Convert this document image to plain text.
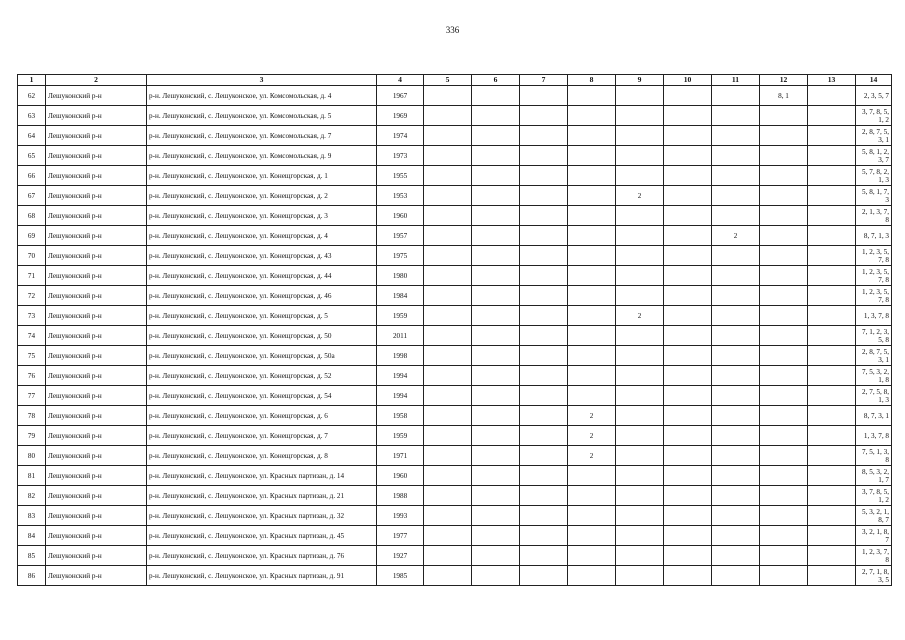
336
1	2	3	4	5	6	7	8	9	10	11	12	13	14
62	Лешуконский р-н	р-н. Лешуконский, с. Лешуконское, ул. Комсомольская, д. 4	1967								8, 1		2, 3, 5, 7
63	Лешуконский р-н	р-н. Лешуконский, с. Лешуконское, ул. Комсомольская, д. 5	1969										3, 7, 8, 5, 1, 2
64	Лешуконский р-н	р-н. Лешуконский, с. Лешуконское, ул. Комсомольская, д. 7	1974										2, 8, 7, 5, 3, 1
65	Лешуконский р-н	р-н. Лешуконский, с. Лешуконское, ул. Комсомольская, д. 9	1973										5, 8, 1, 2, 3, 7
66	Лешуконский р-н	р-н. Лешуконский, с. Лешуконское, ул. Конещгорская, д. 1	1955										5, 7, 8, 2, 1, 3
67	Лешуконский р-н	р-н. Лешуконский, с. Лешуконское, ул. Конещгорская, д. 2	1953					2					5, 8, 1, 7, 3
68	Лешуконский р-н	р-н. Лешуконский, с. Лешуконское, ул. Конещгорская, д. 3	1960										2, 1, 3, 7, 8
69	Лешуконский р-н	р-н. Лешуконский, с. Лешуконское, ул. Конещгорская, д. 4	1957							2			8, 7, 1, 3
70	Лешуконский р-н	р-н. Лешуконский, с. Лешуконское, ул. Конещгорская, д. 43	1975										1, 2, 3, 5, 7, 8
71	Лешуконский р-н	р-н. Лешуконский, с. Лешуконское, ул. Конещгорская, д. 44	1980										1, 2, 3, 5, 7, 8
72	Лешуконский р-н	р-н. Лешуконский, с. Лешуконское, ул. Конещгорская, д. 46	1984										1, 2, 3, 5, 7, 8
73	Лешуконский р-н	р-н. Лешуконский, с. Лешуконское, ул. Конещгорская, д. 5	1959					2					1, 3, 7, 8
74	Лешуконский р-н	р-н. Лешуконский, с. Лешуконское, ул. Конещгорская, д. 50	2011										7, 1, 2, 3, 5, 8
75	Лешуконский р-н	р-н. Лешуконский, с. Лешуконское, ул. Конещгорская, д. 50а	1998										2, 8, 7, 5, 3, 1
76	Лешуконский р-н	р-н. Лешуконский, с. Лешуконское, ул. Конещгорская, д. 52	1994										7, 5, 3, 2, 1, 8
77	Лешуконский р-н	р-н. Лешуконский, с. Лешуконское, ул. Конещгорская, д. 54	1994										2, 7, 5, 8, 1, 3
78	Лешуконский р-н	р-н. Лешуконский, с. Лешуконское, ул. Конещгорская, д. 6	1958				2						8, 7, 3, 1
79	Лешуконский р-н	р-н. Лешуконский, с. Лешуконское, ул. Конещгорская, д. 7	1959				2						1, 3, 7, 8
80	Лешуконский р-н	р-н. Лешуконский, с. Лешуконское, ул. Конещгорская, д. 8	1971				2						7, 5, 1, 3, 8
81	Лешуконский р-н	р-н. Лешуконский, с. Лешуконское, ул. Красных партизан, д. 14	1960										8, 5, 3, 2, 1, 7
82	Лешуконский р-н	р-н. Лешуконский, с. Лешуконское, ул. Красных партизан, д. 21	1988										3, 7, 8, 5, 1, 2
83	Лешуконский р-н	р-н. Лешуконский, с. Лешуконское, ул. Красных партизан, д. 32	1993										5, 3, 2, 1, 8, 7
84	Лешуконский р-н	р-н. Лешуконский, с. Лешуконское, ул. Красных партизан, д. 45	1977										3, 2, 1, 8, 7
85	Лешуконский р-н	р-н. Лешуконский, с. Лешуконское, ул. Красных партизан, д. 76	1927										1, 2, 3, 7, 8
86	Лешуконский р-н	р-н. Лешуконский, с. Лешуконское, ул. Красных партизан, д. 91	1985										2, 7, 1, 8, 3, 5
